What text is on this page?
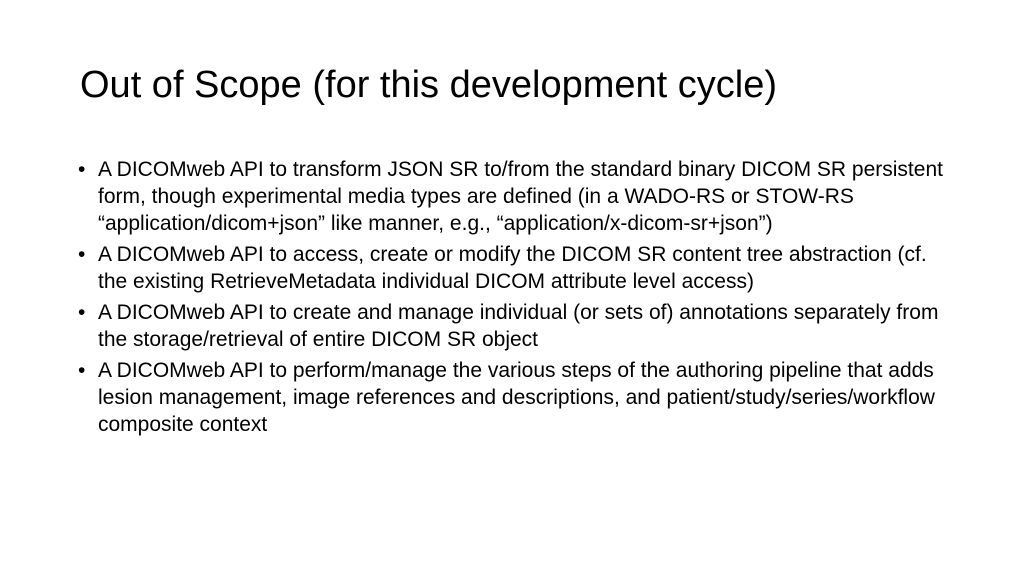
Out of Scope (for this development cycle)
• A DICOMweb API to transform JSON SR to/from the standard binary DICOM SR persistent form, though experimental media types are defined (in a WADO-RS or STOW-RS “application/dicom+json” like manner, e.g., “application/x-dicom-sr+json”)
• A DICOMweb API to access, create or modify the DICOM SR content tree abstraction (cf. the existing RetrieveMetadata individual DICOM attribute level access)
• A DICOMweb API to create and manage individual (or sets of) annotations separately from the storage/retrieval of entire DICOM SR object
• A DICOMweb API to perform/manage the various steps of the authoring pipeline that adds lesion management, image references and descriptions, and patient/study/series/workflow composite context
